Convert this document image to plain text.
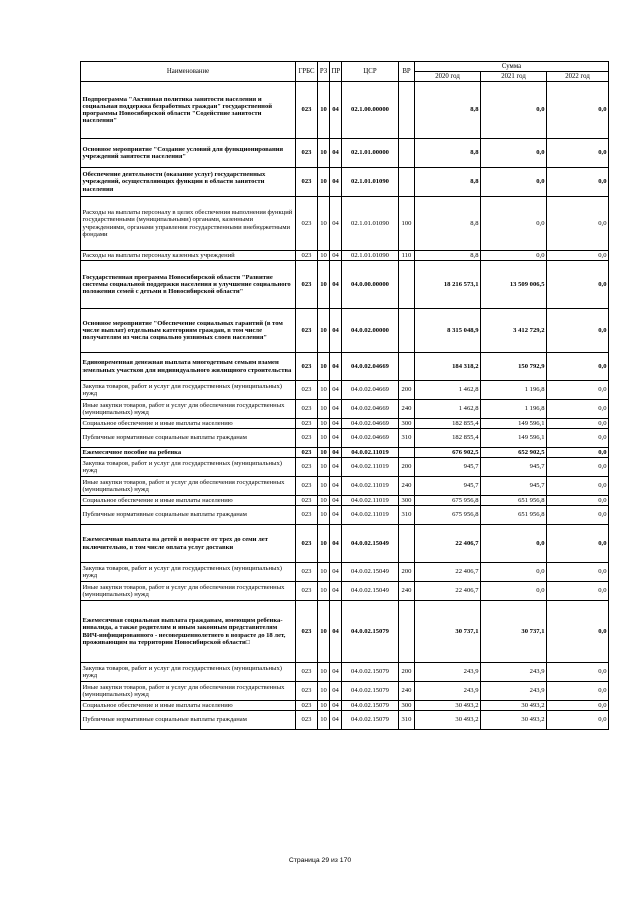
Наименование	ГРБС	РЗ	ПР	ЦСР	ВР	Сумма		
						2020 год	2021 год	2022 год
Подпрограмма "Активная политика занятости населения и социальная поддержка безработных граждан" государственной программы Новосибирской области "Содействие занятости населения"	023	10	04	02.1.00.00000		8,8	0,0	0,0
Основное мероприятие "Создание условий для функционирования учреждений занятости населения"	023	10	04	02.1.01.00000		8,8	0,0	0,0
Обеспечение деятельности (оказание услуг) государственных учреждений, осуществляющих функции в области занятости населения	023	10	04	02.1.01.01090		8,8	0,0	0,0
Расходы на выплаты персоналу в целях обеспечения выполнения функций государственными (муниципальными) органами, казенными учреждениями, органами управления государственными внебюджетными фондами	023	10	04	02.1.01.01090	100	8,8	0,0	0,0
Расходы на выплаты персоналу казенных учреждений	023	10	04	02.1.01.01090	110	8,8	0,0	0,0
Государственная программа Новосибирской области "Развитие системы социальной поддержки населения и улучшение социального положения семей с детьми в Новосибирской области"	023	10	04	04.0.00.00000		18 216 573,1	13 509 006,5	0,0
Основное мероприятие "Обеспечение социальных гарантий (в том числе выплат) отдельным категориям граждан, в том числе получателям из числа социально уязвимых слоев населения"	023	10	04	04.0.02.00000		8 315 048,9	3 412 729,2	0,0
Единовременная денежная выплата многодетным семьям взамен земельных участков для индивидуального жилищного строительства	023	10	04	04.0.02.04669		184 318,2	150 792,9	0,0
Закупка товаров, работ и услуг для государственных (муниципальных) нужд	023	10	04	04.0.02.04669	200	1 462,8	1 196,8	0,0
Иные закупки товаров, работ и услуг для обеспечения государственных (муниципальных) нужд	023	10	04	04.0.02.04669	240	1 462,8	1 196,8	0,0
Социальное обеспечение и иные выплаты населению	023	10	04	04.0.02.04669	300	182 855,4	149 596,1	0,0
Публичные нормативные социальные выплаты гражданам	023	10	04	04.0.02.04669	310	182 855,4	149 596,1	0,0
Ежемесячное пособие на ребенка	023	10	04	04.0.02.11019		676 902,5	652 902,5	0,0
Закупка товаров, работ и услуг для государственных (муниципальных) нужд	023	10	04	04.0.02.11019	200	945,7	945,7	0,0
Иные закупки товаров, работ и услуг для обеспечения государственных (муниципальных) нужд	023	10	04	04.0.02.11019	240	945,7	945,7	0,0
Социальное обеспечение и иные выплаты населению	023	10	04	04.0.02.11019	300	675 956,8	651 956,8	0,0
Публичные нормативные социальные выплаты гражданам	023	10	04	04.0.02.11019	310	675 956,8	651 956,8	0,0
Ежемесячная выплата на детей в возрасте от трех до семи лет включительно, в том числе оплата услуг доставки	023	10	04	04.0.02.15049		22 406,7	0,0	0,0
Закупка товаров, работ и услуг для государственных (муниципальных) нужд	023	10	04	04.0.02.15049	200	22 406,7	0,0	0,0
Иные закупки товаров, работ и услуг для обеспечения государственных (муниципальных) нужд	023	10	04	04.0.02.15049	240	22 406,7	0,0	0,0
Ежемесячная социальная выплата гражданам, имеющим ребенка-инвалида, а также родителям и иным законным представителям ВИЧ-инфицированного - несовершеннолетнего в возрасте до 18 лет, проживающим на территории Новосибирской области□	023	10	04	04.0.02.15079		30 737,1	30 737,1	0,0
Закупка товаров, работ и услуг для государственных (муниципальных) нужд	023	10	04	04.0.02.15079	200	243,9	243,9	0,0
Иные закупки товаров, работ и услуг для обеспечения государственных (муниципальных) нужд	023	10	04	04.0.02.15079	240	243,9	243,9	0,0
Социальное обеспечение и иные выплаты населению	023	10	04	04.0.02.15079	300	30 493,2	30 493,2	0,0
Публичные нормативные социальные выплаты гражданам	023	10	04	04.0.02.15079	310	30 493,2	30 493,2	0,0
Страница 29 из 170
